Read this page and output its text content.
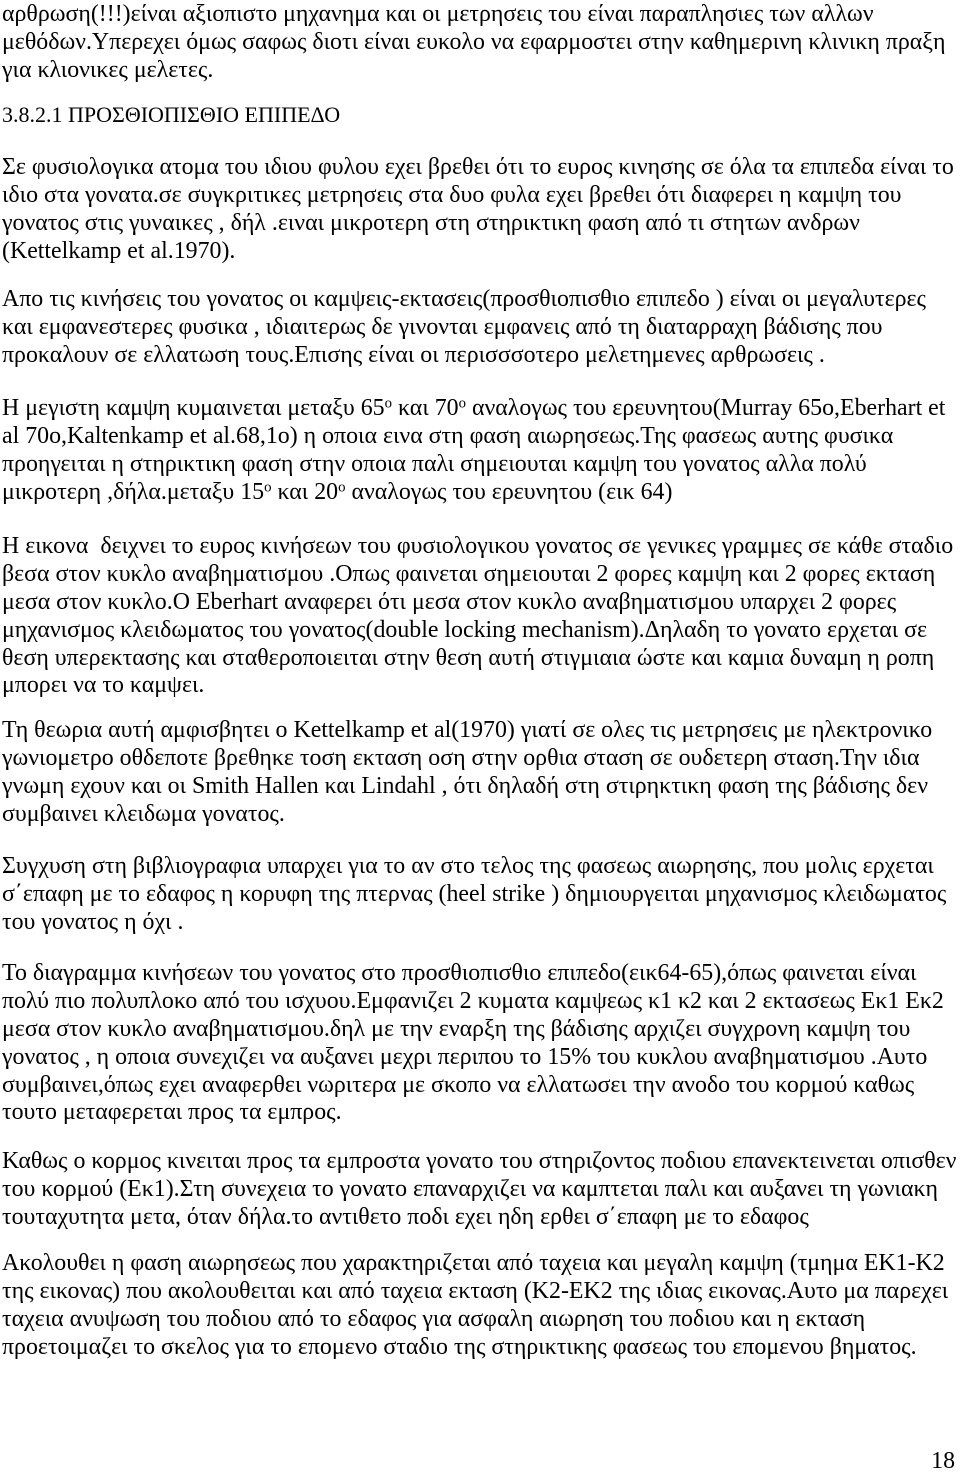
αρθρωση(!!!)είναι αξιοπιστο μηχανημα και οι μετρησεις του είναι παραπλησιες των αλλων
μεθόδων.Υπερεχει όμως σαφως διοτι είναι ευκολο να εφαρμοστει στην καθημερινη κλινικη πραξη
για κλιονικες μελετες.
3.8.2.1 ΠΡΟΣΘΙΟΠΙΣΘΙΟ ΕΠΙΠΕΔΟ
Σε φυσιολογικα ατομα του ιδιου φυλου εχει βρεθει ότι το ευρος κινησης σε όλα τα επιπεδα είναι το
ιδιο στα γονατα.σε συγκριτικες μετρησεις στα δυο φυλα εχει βρεθει ότι διαφερει η καμψη του
γονατος στις γυναικες , δήλ .ειναι μικροτερη στη στηρικτικη φαση από τι στητων ανδρων
(Kettelkamp et al.1970).
Απο τις κινήσεις του γονατος οι καμψεις-εκτασεις(προσθιοπισθιο επιπεδο ) είναι οι μεγαλυτερες
και εμφανεστερες φυσικα , ιδιαιτερως δε γινονται εμφανεις από τη διαταρραχη βάδισης που
προκαλουν σε ελλατωση τους.Επισης είναι οι περισσσοτερο μελετημενες αρθρωσεις .
Η μεγιστη καμψη κυμαινεται μεταξυ $65^o$ και $70^o$ αναλογως του ερευνητου(Murray 65o,Eberhart et
al 70o,Kaltenkamp et al.68,1o) η οποια εινα στη φαση αιωρησεως.Της φασεως αυτης φυσικα
προηγειται η στηρικτικη φαση στην οποια παλι σημειουται καμψη του γονατος αλλα πολύ
μικροτερη ,δήλα.μεταξυ $15^o$ και $20^o$ αναλογως του ερευνητου (εικ 64)
Η εικονα  δειχνει το ευρος κινήσεων του φυσιολογικου γονατος σε γενικες γραμμες σε κάθε σταδιο
βεσα στον κυκλο αναβηματισμου .Οπως φαινεται σημειουται 2 φορες καμψη και 2 φορες εκταση
μεσα στον κυκλο.Ο Eberhart αναφερει ότι μεσα στον κυκλο αναβηματισμου υπαρχει 2 φορες
μηχανισμος κλειδωματος του γονατος(double locking mechanism).Δηλαδη το γονατο ερχεται σε
θεση υπερεκτασης και σταθεροποιειται στην θεση αυτή στιγμιαια ώστε και καμια δυναμη η ροπη
μπορει να το καμψει.
Τη θεωρια αυτή αμφισβητει ο Kettelkamp et al(1970) γιατί σε ολες τις μετρησεις με ηλεκτρονικο
γωνιομετρο οθδεποτε βρεθηκε τοση εκταση οση στην ορθια σταση σε ουδετερη σταση.Την ιδια
γνωμη εχουν και οι Smith Hallen και Lindahl , ότι δηλαδή στη στιρηκτικη φαση της βάδισης δεν
συμβαινει κλειδωμα γονατος.
Συγχυση στη βιβλιογραφια υπαρχει για το αν στο τελος της φασεως αιωρησης, που μολις ερχεται
σ΄επαφη με το εδαφος η κορυφη της πτερνας (heel strike ) δημιουργειται μηχανισμος κλειδωματος
του γονατος η όχι .
Το διαγραμμα κινήσεων του γονατος στο προσθιοπισθιο επιπεδο(εικ64-65),όπως φαινεται είναι
πολύ πιο πολυπλοκο από του ισχυου.Εμφανιζει 2 κυματα καμψεως κ1 κ2 και 2 εκτασεως Εκ1 Εκ2
μεσα στον κυκλο αναβηματισμου.δηλ με την εναρξη της βάδισης αρχιζει συγχρονη καμψη του
γονατος , η οποια συνεχιζει να αυξανει μεχρι περιπου το 15% του κυκλου αναβηματισμου .Αυτο
συμβαινει,όπως εχει αναφερθει νωριτερα με σκοπο να ελλατωσει την ανοδο του κορμού καθως
τουτο μεταφερεται προς τα εμπρος.
Καθως ο κορμος κινειται προς τα εμπροστα γονατο του στηριζοντος ποδιου επανεκτεινεται οπισθεν
του κορμού (Εκ1).Στη συνεχεια το γονατο επαναρχιζει να καμπτεται παλι και αυξανει τη γωνιακη
τουταχυτητα μετα, όταν δήλα.το αντιθετο ποδι εχει ηδη ερθει σ΄επαφη με το εδαφος
Ακολουθει η φαση αιωρησεως που χαρακτηριζεται από ταχεια και μεγαλη καμψη (τμημα ΕΚ1-Κ2
της εικονας) που ακολουθειται και από ταχεια εκταση (Κ2-ΕΚ2 της ιδιας εικονας.Αυτο μα παρεχει
ταχεια ανυψωση του ποδιου από το εδαφος για ασφαλη αιωρηση του ποδιου και η εκταση
προετοιμαζει το σκελος για το επομενο σταδιο της στηρικτικης φασεως του επομενου βηματος.
18
